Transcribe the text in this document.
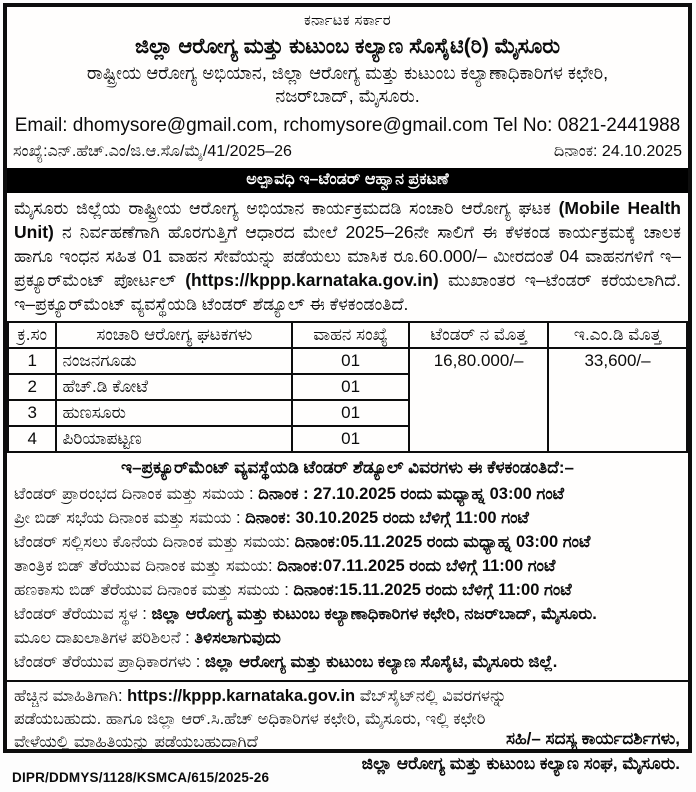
ಕರ್ನಾಟಕ ಸರ್ಕಾರ
ಜಿಲ್ಲಾ ಆರೋಗ್ಯ ಮತ್ತು ಕುಟುಂಬ ಕಲ್ಯಾಣ ಸೊಸೈಟಿ(ರಿ) ಮೈಸೂರು
ರಾಷ್ಟ್ರೀಯ ಆರೋಗ್ಯ ಅಭಿಯಾನ, ಜಿಲ್ಲಾ ಆರೋಗ್ಯ ಮತ್ತು ಕುಟುಂಬ ಕಲ್ಯಾಣಾಧಿಕಾರಿಗಳ ಕಛೇರಿ,
ನಜರ್‌ಬಾದ್, ಮೈಸೂರು.
Email: dhomysore@gmail.com, rchomysore@gmail.com Tel No: 0821-2441988
ಸಂಖ್ಯೆ:ಎನ್.ಹೆಚ್.ಎಂ/ಜಿ.ಆ.ಸೊ/ಮೈ/41/2025–26	ದಿನಾಂಕ: 24.10.2025
ಅಲ್ಪಾವಧಿ ಇ–ಟೆಂಡರ್ ಆಹ್ವಾನ ಪ್ರಕಟಣೆ

ಮೈಸೂರು ಜಿಲ್ಲೆಯ ರಾಷ್ಟ್ರೀಯ ಆರೋಗ್ಯ ಅಭಿಯಾನ ಕಾರ್ಯಕ್ರಮದಡಿ ಸಂಚಾರಿ ಆರೋಗ್ಯ ಘಟಕ (Mobile Health Unit) ನ ನಿರ್ವಹಣೆಗಾಗಿ ಹೊರಗುತ್ತಿಗೆ ಆಧಾರದ ಮೇಲೆ 2025–26ನೇ ಸಾಲಿಗೆ ಈ ಕೆಳಕಂಡ ಕಾರ್ಯಕ್ರಮಕ್ಕೆ ಚಾಲಕ ಹಾಗೂ ಇಂಧನ ಸಹಿತ 01 ವಾಹನ ಸೇವೆಯನ್ನು ಪಡೆಯಲು ಮಾಸಿಕ ರೂ.60.000/– ಮೀರದಂತೆ 04 ವಾಹನಗಳಿಗೆ ಇ–ಪ್ರಕ್ಯೂರ್‌ಮೆಂಟ್ ಪೋರ್ಟಲ್ (https://kppp.karnataka.gov.in) ಮುಖಾಂತರ ಇ–ಟೆಂಡರ್ ಕರೆಯಲಾಗಿದೆ. ಇ–ಪ್ರಕ್ಯೂರ್‌ಮೆಂಟ್ ವ್ಯವಸ್ಥೆಯಡಿ ಟೆಂಡರ್ ಶೆಡ್ಯೂಲ್ ಈ ಕೆಳಕಂಡಂತಿದೆ.

ಕ್ರ.ಸಂ	ಸಂಚಾರಿ ಆರೋಗ್ಯ ಘಟಕಗಳು	ವಾಹನ ಸಂಖ್ಯೆ	ಟೆಂಡರ್ ನ ಮೊತ್ತ	ಇ.ಎಂ.ಡಿ ಮೊತ್ತ
1	ನಂಜನಗೂಡು	01	16,80.000/–	33,600/–
2	ಹೆಚ್.ಡಿ ಕೋಟೆ	01		
3	ಹುಣಸೂರು	01		
4	ಪಿರಿಯಾಪಟ್ಟಣ	01		
ಇ–ಪ್ರಕ್ಯೂರ್‌ಮೆಂಟ್ ವ್ಯವಸ್ಥೆಯಡಿ ಟೆಂಡರ್ ಶೆಡ್ಯೂಲ್ ವಿವರಗಳು ಈ ಕೆಳಕಂಡಂತಿದೆ:–
ಟೆಂಡರ್ ಪ್ರಾರಂಭದ ದಿನಾಂಕ ಮತ್ತು ಸಮಯ : ದಿನಾಂಕ : 27.10.2025 ರಂದು ಮಧ್ಯಾಹ್ನ 03:00 ಗಂಟೆ
ಪ್ರೀ ಬಿಡ್ ಸಭೆಯ ದಿನಾಂಕ ಮತ್ತು ಸಮಯ : ದಿನಾಂಕ: 30.10.2025 ರಂದು ಬೆಳಿಗ್ಗೆ 11:00 ಗಂಟೆ
ಟೆಂಡರ್ ಸಲ್ಲಿಸಲು ಕೊನೆಯ ದಿನಾಂಕ ಮತ್ತು ಸಮಯ: ದಿನಾಂಕ:05.11.2025 ರಂದು ಮಧ್ಯಾಹ್ನ 03:00 ಗಂಟೆ
ತಾಂತ್ರಿಕ ಬಿಡ್ ತೆರೆಯುವ ದಿನಾಂಕ ಮತ್ತು ಸಮಯ: ದಿನಾಂಕ:07.11.2025 ರಂದು ಬೆಳಿಗ್ಗೆ 11:00 ಗಂಟೆ
ಹಣಕಾಸು ಬಿಡ್ ತೆರೆಯುವ ದಿನಾಂಕ ಮತ್ತು ಸಮಯ : ದಿನಾಂಕ:15.11.2025 ರಂದು ಬೆಳಿಗ್ಗೆ 11:00 ಗಂಟೆ
ಟೆಂಡರ್ ತೆರೆಯುವ ಸ್ಥಳ : ಜಿಲ್ಲಾ ಆರೋಗ್ಯ ಮತ್ತು ಕುಟುಂಬ ಕಲ್ಯಾಣಾಧಿಕಾರಿಗಳ ಕಛೇರಿ, ನಜರ್‌ಬಾದ್, ಮೈಸೂರು.
ಮೂಲ ದಾಖಲಾತಿಗಳ ಪರಿಶಿಲನೆ : ತಿಳಿಸಲಾಗುವುದು
ಟೆಂಡರ್ ತೆರೆಯುವ ಪ್ರಾಧಿಕಾರಗಳು : ಜಿಲ್ಲಾ ಆರೋಗ್ಯ ಮತ್ತು ಕುಟುಂಬ ಕಲ್ಯಾಣ ಸೊಸೈಟಿ, ಮೈಸೂರು ಜಿಲ್ಲೆ.
ಹೆಚ್ಚಿನ ಮಾಹಿತಿಗಾಗಿ: https://kppp.karnataka.gov.in ವೆಬ್‌ಸೈಟ್‌ನಲ್ಲಿ ವಿವರಗಳನ್ನು ಪಡೆಯಬಹುದು. ಹಾಗೂ ಜಿಲ್ಲಾ ಆರ್.ಸಿ.ಹೆಚ್ ಅಧಿಕಾರಿಗಳ ಕಛೇರಿ, ಮೈಸೂರು, ಇಲ್ಲಿ ಕಛೇರಿ ವೇಳೆಯಲ್ಲಿ ಮಾಹಿತಿಯನ್ನು ಪಡೆಯಬಹುದಾಗಿದೆ	ಸಹಿ/– ಸದಸ್ಯ ಕಾರ್ಯದರ್ಶಿಗಳು,
ಜಿಲ್ಲಾ ಆರೋಗ್ಯ ಮತ್ತು ಕುಟುಂಬ ಕಲ್ಯಾಣ ಸಂಘ, ಮೈಸೂರು.
DIPR/DDMYS/1128/KSMCA/615/2025-26
